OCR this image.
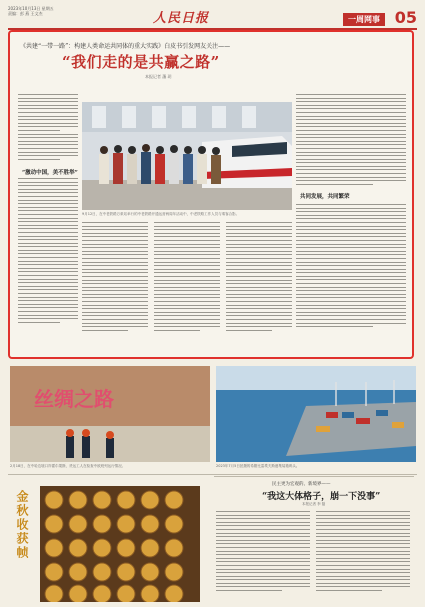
2023年10月13日 星期五
责编：彭 燕 王文杰	人民日报	一周网事 05
《共建“一带一路”：构建人类命运共同体的重大实践》白皮书引发网友关注——
“我们走的是共赢之路”
本报记者 藩 玥
“激动中国，美不胜举”
9月12日，在中老铁路万象站举行的中老铁路开通运营两周年活动中，中老铁路工作人员与乘客合影。
共同发展，共同繁荣
丝绸之路
2月18日，在中哈边境口岸霍尔果斯，货运工人在检查中欧班列运行情况。	2023年7月5日拍摄的希腊比雷埃夫斯港集装箱码头。
金秋收获帧
民主更为宏观的、新境界——
“我这大体格子，崩一下没事”
本报记者 李 磊
